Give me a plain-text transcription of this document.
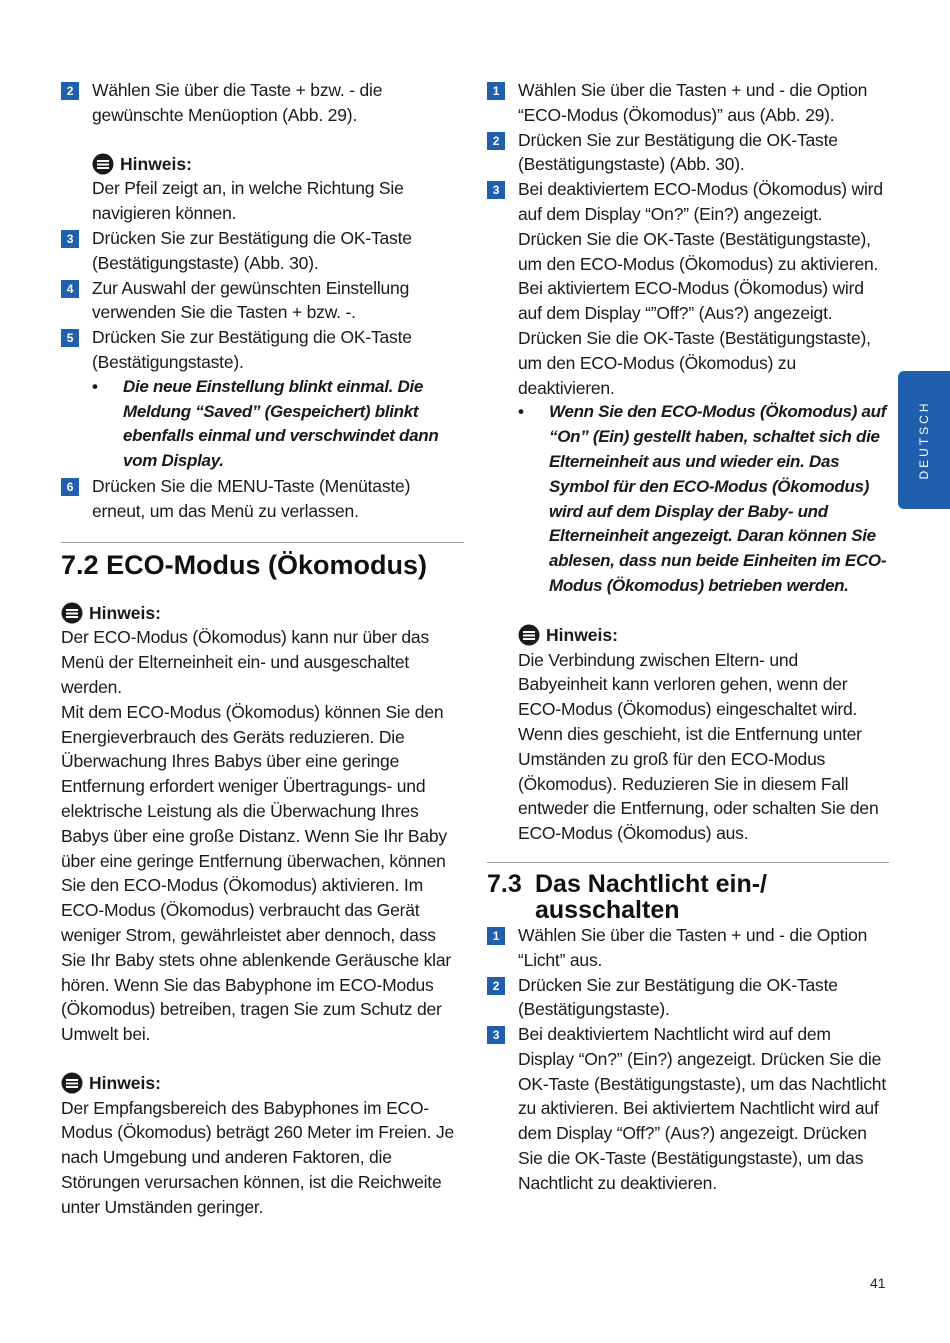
2	Wählen Sie über die Taste + bzw. - die gewünschte Menüoption (Abb. 29).

Hinweis:

Der Pfeil zeigt an, in welche Richtung Sie navigieren können.

3	Drücken Sie zur Bestätigung die OK-Taste (Bestätigungstaste) (Abb. 30).
4	Zur Auswahl der gewünschten Einstellung verwenden Sie die Tasten + bzw. -.
5	Drücken Sie zur Bestätigung die OK-Taste (Bestätigungstaste).
• Die neue Einstellung blinkt einmal. Die Meldung “Saved” (Gespeichert) blinkt ebenfalls einmal und verschwindet dann vom Display.
6	Drücken Sie die MENU-Taste (Menütaste) erneut, um das Menü zu verlassen.
7.2 ECO-Modus (Ökomodus)

Hinweis:

Der ECO-Modus (Ökomodus) kann nur über das Menü der Elterneinheit ein- und ausgeschaltet werden.

Mit dem ECO-Modus (Ökomodus) können Sie den Energieverbrauch des Geräts reduzieren. Die Überwachung Ihres Babys über eine geringe Entfernung erfordert weniger Übertragungs- und elektrische Leistung als die Überwachung Ihres Babys über eine große Distanz. Wenn Sie Ihr Baby über eine geringe Entfernung überwachen, können Sie den ECO-Modus (Ökomodus) aktivieren. Im ECO-Modus (Ökomodus) verbraucht das Gerät weniger Strom, gewährleistet aber dennoch, dass Sie Ihr Baby stets ohne ablenkende Geräusche klar hören. Wenn Sie das Babyphone im ECO-Modus (Ökomodus) betreiben, tragen Sie zum Schutz der Umwelt bei.

Hinweis:

Der Empfangsbereich des Babyphones im ECO-Modus (Ökomodus) beträgt 260 Meter im Freien. Je nach Umgebung und anderen Faktoren, die Störungen verursachen können, ist die Reichweite unter Umständen geringer.

1	Wählen Sie über die Tasten + und - die Option “ECO-Modus (Ökomodus)” aus (Abb. 29).
2	Drücken Sie zur Bestätigung die OK-Taste (Bestätigungstaste) (Abb. 30).
3	Bei deaktiviertem ECO-Modus (Ökomodus) wird auf dem Display “On?” (Ein?) angezeigt. Drücken Sie die OK-Taste (Bestätigungstaste), um den ECO-Modus (Ökomodus) zu aktivieren. Bei aktiviertem ECO-Modus (Ökomodus) wird auf dem Display “”Off?” (Aus?) angezeigt. Drücken Sie die OK-Taste (Bestätigungstaste), um den ECO-Modus (Ökomodus) zu deaktivieren.
• Wenn Sie den ECO-Modus (Ökomodus) auf “On” (Ein) gestellt haben, schaltet sich die Elterneinheit aus und wieder ein. Das Symbol für den ECO-Modus (Ökomodus) wird auf dem Display der Baby- und Elterneinheit angezeigt. Daran können Sie ablesen, dass nun beide Einheiten im ECO-Modus (Ökomodus) betrieben werden.

Hinweis:

Die Verbindung zwischen Eltern- und Babyeinheit kann verloren gehen, wenn der ECO-Modus (Ökomodus) eingeschaltet wird. Wenn dies geschieht, ist die Entfernung unter Umständen zu groß für den ECO-Modus (Ökomodus). Reduzieren Sie in diesem Fall entweder die Entfernung, oder schalten Sie den ECO-Modus (Ökomodus) aus.

7.3 Das Nachtlicht ein-/ ausschalten
1	Wählen Sie über die Tasten + und - die Option “Licht” aus.
2	Drücken Sie zur Bestätigung die OK-Taste (Bestätigungstaste).
3	Bei deaktiviertem Nachtlicht wird auf dem Display “On?” (Ein?) angezeigt. Drücken Sie die OK-Taste (Bestätigungstaste), um das Nachtlicht zu aktivieren. Bei aktiviertem Nachtlicht wird auf dem Display “Off?” (Aus?) angezeigt. Drücken Sie die OK-Taste (Bestätigungstaste), um das Nachtlicht zu deaktivieren.
DEUTSCH
41
